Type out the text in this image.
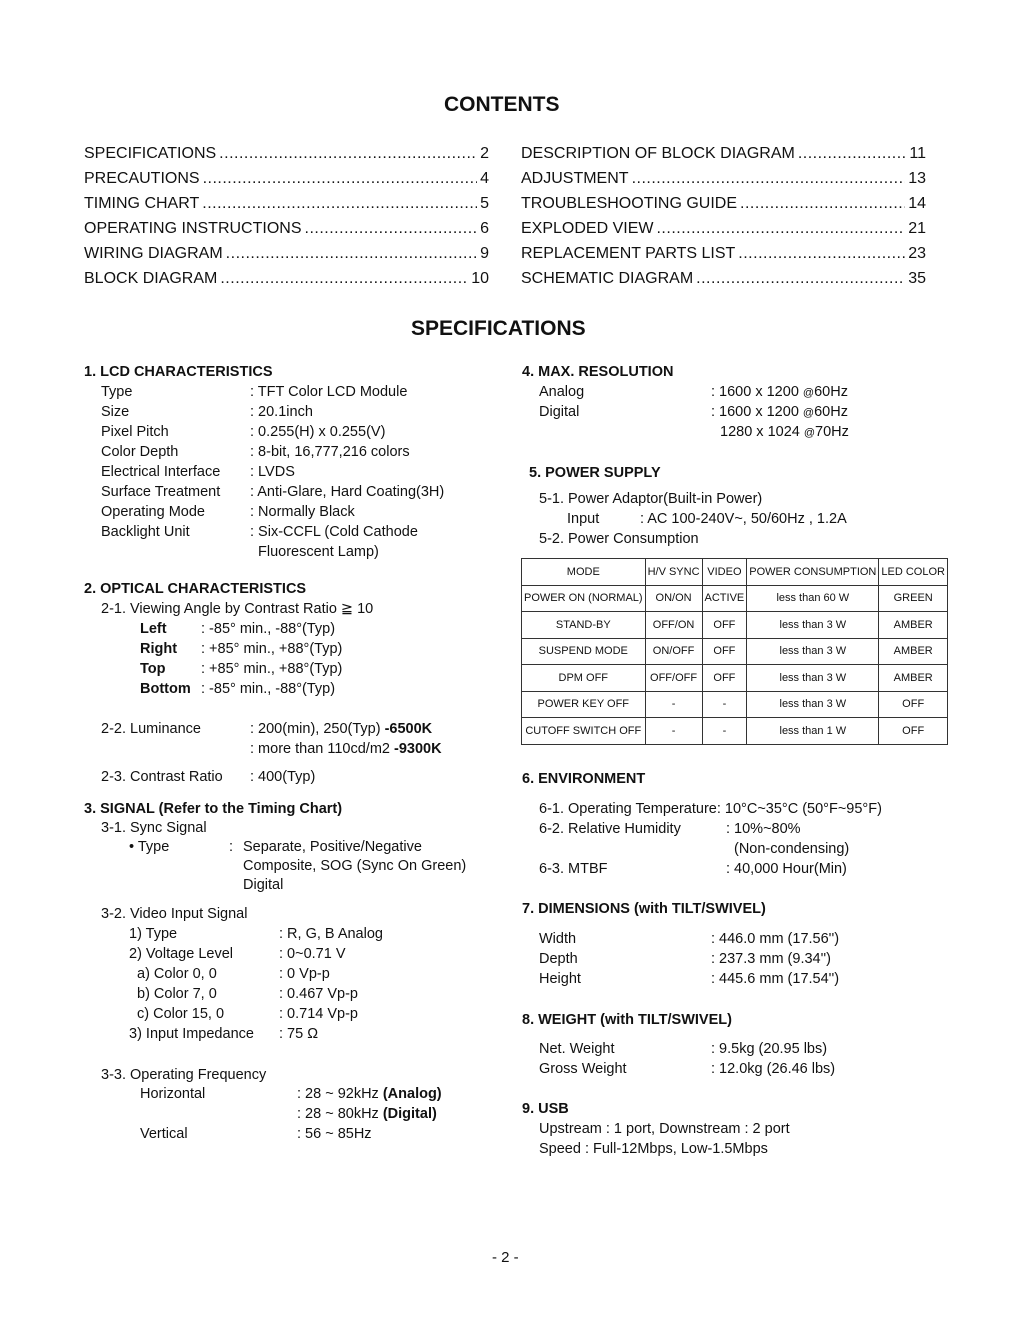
CONTENTS
SPECIFICATIONS .....	2
PRECAUTIONS .....	4
TIMING CHART .....	5
OPERATING INSTRUCTIONS .....	6
WIRING DIAGRAM .....	9
BLOCK DIAGRAM .....	10
DESCRIPTION OF BLOCK DIAGRAM .....	11
ADJUSTMENT .....	13
TROUBLESHOOTING GUIDE .....	14
EXPLODED VIEW .....	21
REPLACEMENT PARTS LIST .....	23
SCHEMATIC DIAGRAM .....	35
SPECIFICATIONS
1. LCD CHARACTERISTICS
Type	: TFT Color LCD Module
Size	: 20.1inch
Pixel Pitch	: 0.255(H) x 0.255(V)
Color Depth	: 8-bit, 16,777,216 colors
Electrical Interface : LVDS
Surface Treatment : Anti-Glare, Hard Coating(3H)
Operating Mode	: Normally Black
Backlight Unit	: Six-CCFL (Cold Cathode
Fluorescent Lamp)
2. OPTICAL CHARACTERISTICS
2-1. Viewing Angle by Contrast Ratio ≧ 10
Left : -85° min., -88°(Typ)
Right : +85° min., +88°(Typ)
Top : +85° min., +88°(Typ)
Bottom : -85° min., -88°(Typ)
2-2. Luminance	: 200(min), 250(Typ) -6500K
: more than 110cd/m2 -9300K
2-3. Contrast Ratio : 400(Typ)
3. SIGNAL (Refer to the Timing Chart)
3-1. Sync Signal
• Type	: Separate, Positive/Negative
Composite, SOG (Sync On Green)
Digital
3-2. Video Input Signal
1) Type	: R, G, B Analog
2) Voltage Level	: 0~0.71 V
a) Color 0, 0	: 0 Vp-p
b) Color 7, 0	: 0.467 Vp-p
c) Color 15, 0	: 0.714 Vp-p
3) Input Impedance : 75 Ω
3-3. Operating Frequency
Horizontal	: 28 ~ 92kHz (Analog)
: 28 ~ 80kHz (Digital)
Vertical	: 56 ~ 85Hz
4. MAX. RESOLUTION
Analog	: 1600 x 1200 @60Hz
Digital	: 1600 x 1200 @60Hz
1280 x 1024 @70Hz
5. POWER SUPPLY
5-1. Power Adaptor(Built-in Power)
Input	: AC 100-240V~, 50/60Hz , 1.2A
5-2. Power Consumption
MODE	H/V SYNC	VIDEO	POWER CONSUMPTION	LED COLOR
POWER ON (NORMAL)	ON/ON	ACTIVE	less than 60 W	GREEN
STAND-BY	OFF/ON	OFF	less than 3 W	AMBER
SUSPEND MODE	ON/OFF	OFF	less than 3 W	AMBER
DPM OFF	OFF/OFF	OFF	less than 3 W	AMBER
POWER KEY OFF	-	-	less than 3 W	OFF
CUTOFF SWITCH OFF	-	-	less than 1 W	OFF
6. ENVIRONMENT
6-1. Operating Temperature: 10°C~35°C (50°F~95°F)
6-2. Relative Humidity	: 10%~80%
(Non-condensing)
6-3. MTBF	: 40,000 Hour(Min)
7. DIMENSIONS (with TILT/SWIVEL)
Width	: 446.0 mm (17.56'')
Depth	: 237.3 mm (9.34'')
Height	: 445.6 mm (17.54'')
8. WEIGHT (with TILT/SWIVEL)
Net. Weight	: 9.5kg (20.95 lbs)
Gross Weight	: 12.0kg (26.46 lbs)
9. USB
Upstream : 1 port, Downstream : 2 port
Speed : Full-12Mbps, Low-1.5Mbps
- 2 -
